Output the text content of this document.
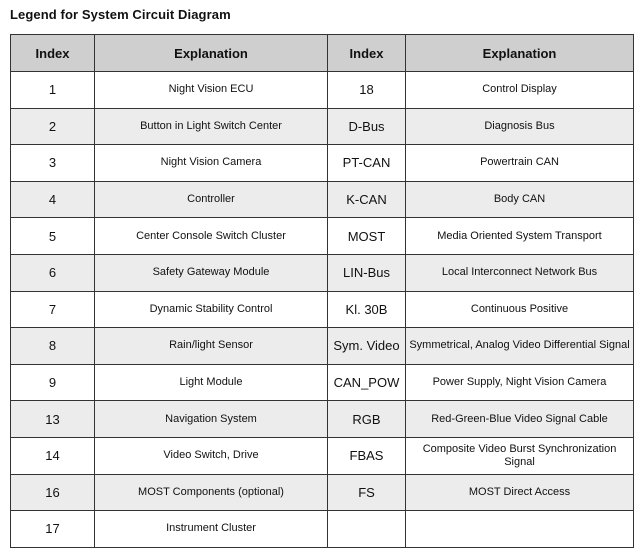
Legend for System Circuit Diagram
Index	Explanation	Index	Explanation
1	Night Vision ECU	18	Control Display
2	Button in Light Switch Center	D-Bus	Diagnosis Bus
3	Night Vision Camera	PT-CAN	Powertrain CAN
4	Controller	K-CAN	Body CAN
5	Center Console Switch Cluster	MOST	Media Oriented System Transport
6	Safety Gateway Module	LIN-Bus	Local Interconnect Network Bus
7	Dynamic Stability Control	Kl. 30B	Continuous Positive
8	Rain/light Sensor	Sym. Video	Symmetrical, Analog Video Differential Signal
9	Light Module	CAN_POW	Power Supply, Night Vision Camera
13	Navigation System	RGB	Red-Green-Blue Video Signal Cable
14	Video Switch, Drive	FBAS	Composite Video Burst Synchronization Signal
16	MOST Components (optional)	FS	MOST Direct Access
17	Instrument Cluster		
